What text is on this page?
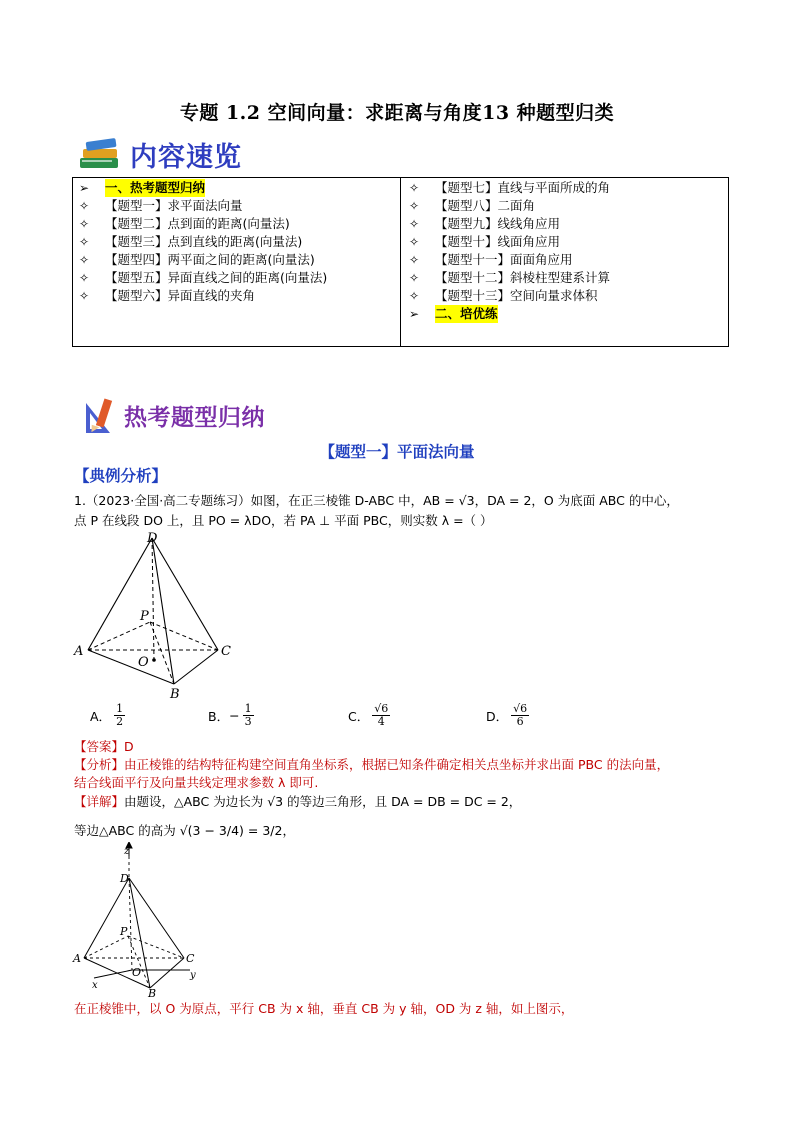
专题 1.2 空间向量：求距离与角度13 种题型归类
内容速览
➢	一、热考题型归纳
✧	【题型一】求平面法向量
✧	【题型二】点到面的距离(向量法)
✧	【题型三】点到直线的距离(向量法)
✧	【题型四】两平面之间的距离(向量法)
✧	【题型五】异面直线之间的距离(向量法)
✧	【题型六】异面直线的夹角
✧	【题型七】直线与平面所成的角
✧	【题型八】二面角
✧	【题型九】线线角应用
✧	【题型十】线面角应用
✧	【题型十一】面面角应用
✧	【题型十二】斜棱柱型建系计算
✧	【题型十三】空间向量求体积
➢	二、培优练
热考题型归纳
【题型一】平面法向量
【典例分析】
1.（2023·全国·高二专题练习）如图，在正三棱锥 D-ABC 中，AB = √3，DA = 2，O 为底面 ABC 的中心，
点 P 在线段 DO 上，且 PO = λDO，若 PA ⊥ 平面 PBC，则实数 λ =（ ）
D
P
A	C
O
B
A． $\frac{1}{2}$	B． − $\frac{1}{3}$	C． $\frac{√6}{4}$	D． $\frac{√6}{6}$
【答案】D
【分析】由正棱锥的结构特征构建空间直角坐标系，根据已知条件确定相关点坐标并求出面 PBC 的法向量，
结合线面平行及向量共线定理求参数 λ 即可.
【详解】由题设，△ABC 为边长为 √3 的等边三角形，且 DA = DB = DC = 2，
等边△ABC 的高为 √(3 − 3/4) = 3/2，
z
D
P
A	C
O
B
x
y
在正棱锥中，以 O 为原点，平行 CB 为 x 轴，垂直 CB 为 y 轴，OD 为 z 轴，如上图示，
